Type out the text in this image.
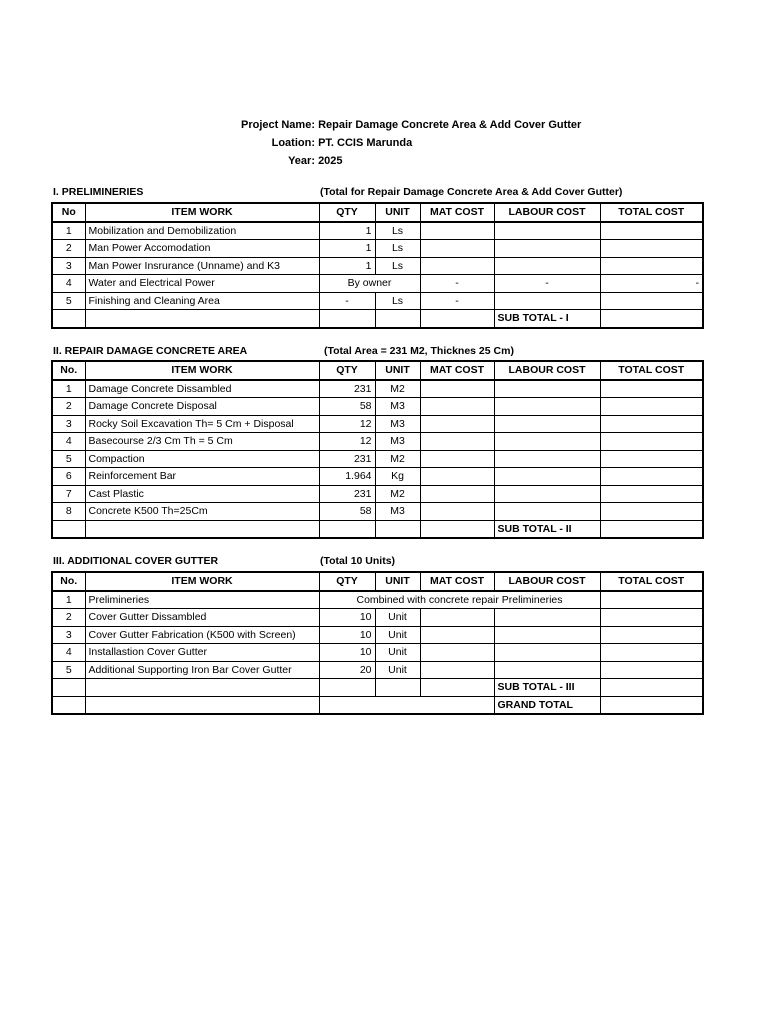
Project Name: Repair Damage Concrete Area & Add Cover Gutter
Loation: PT. CCIS Marunda
Year: 2025
I. PRELIMINERIES	(Total for Repair Damage Concrete Area & Add Cover Gutter)
No	ITEM WORK	QTY	UNIT	MAT COST	LABOUR COST	TOTAL COST
1	Mobilization and Demobilization	1	Ls			
2	Man Power Accomodation	1	Ls			
3	Man Power Insrurance (Unname) and K3	1	Ls			
4	Water and Electrical Power	By owner		-	-	-
5	Finishing and Cleaning Area	-	Ls	-		
					SUB TOTAL - I	
II. REPAIR DAMAGE CONCRETE AREA	(Total Area = 231 M2, Thicknes 25 Cm)
No.	ITEM WORK	QTY	UNIT	MAT COST	LABOUR COST	TOTAL COST
1	Damage Concrete Dissambled	231	M2			
2	Damage Concrete Disposal	58	M3			
3	Rocky Soil Excavation Th= 5 Cm + Disposal	12	M3			
4	Basecourse 2/3 Cm Th = 5 Cm	12	M3			
5	Compaction	231	M2			
6	Reinforcement Bar	1.964	Kg			
7	Cast Plastic	231	M2			
8	Concrete K500 Th=25Cm	58	M3			
					SUB TOTAL - II	
III. ADDITIONAL COVER GUTTER	(Total 10 Units)
No.	ITEM WORK	QTY	UNIT	MAT COST	LABOUR COST	TOTAL COST
1	Prelimineries	Combined with concrete repair Prelimineries				
2	Cover Gutter Dissambled	10	Unit			
3	Cover Gutter Fabrication (K500 with Screen)	10	Unit			
4	Installastion Cover Gutter	10	Unit			
5	Additional Supporting Iron Bar Cover Gutter	20	Unit			
					SUB TOTAL - III	
					GRAND TOTAL	
